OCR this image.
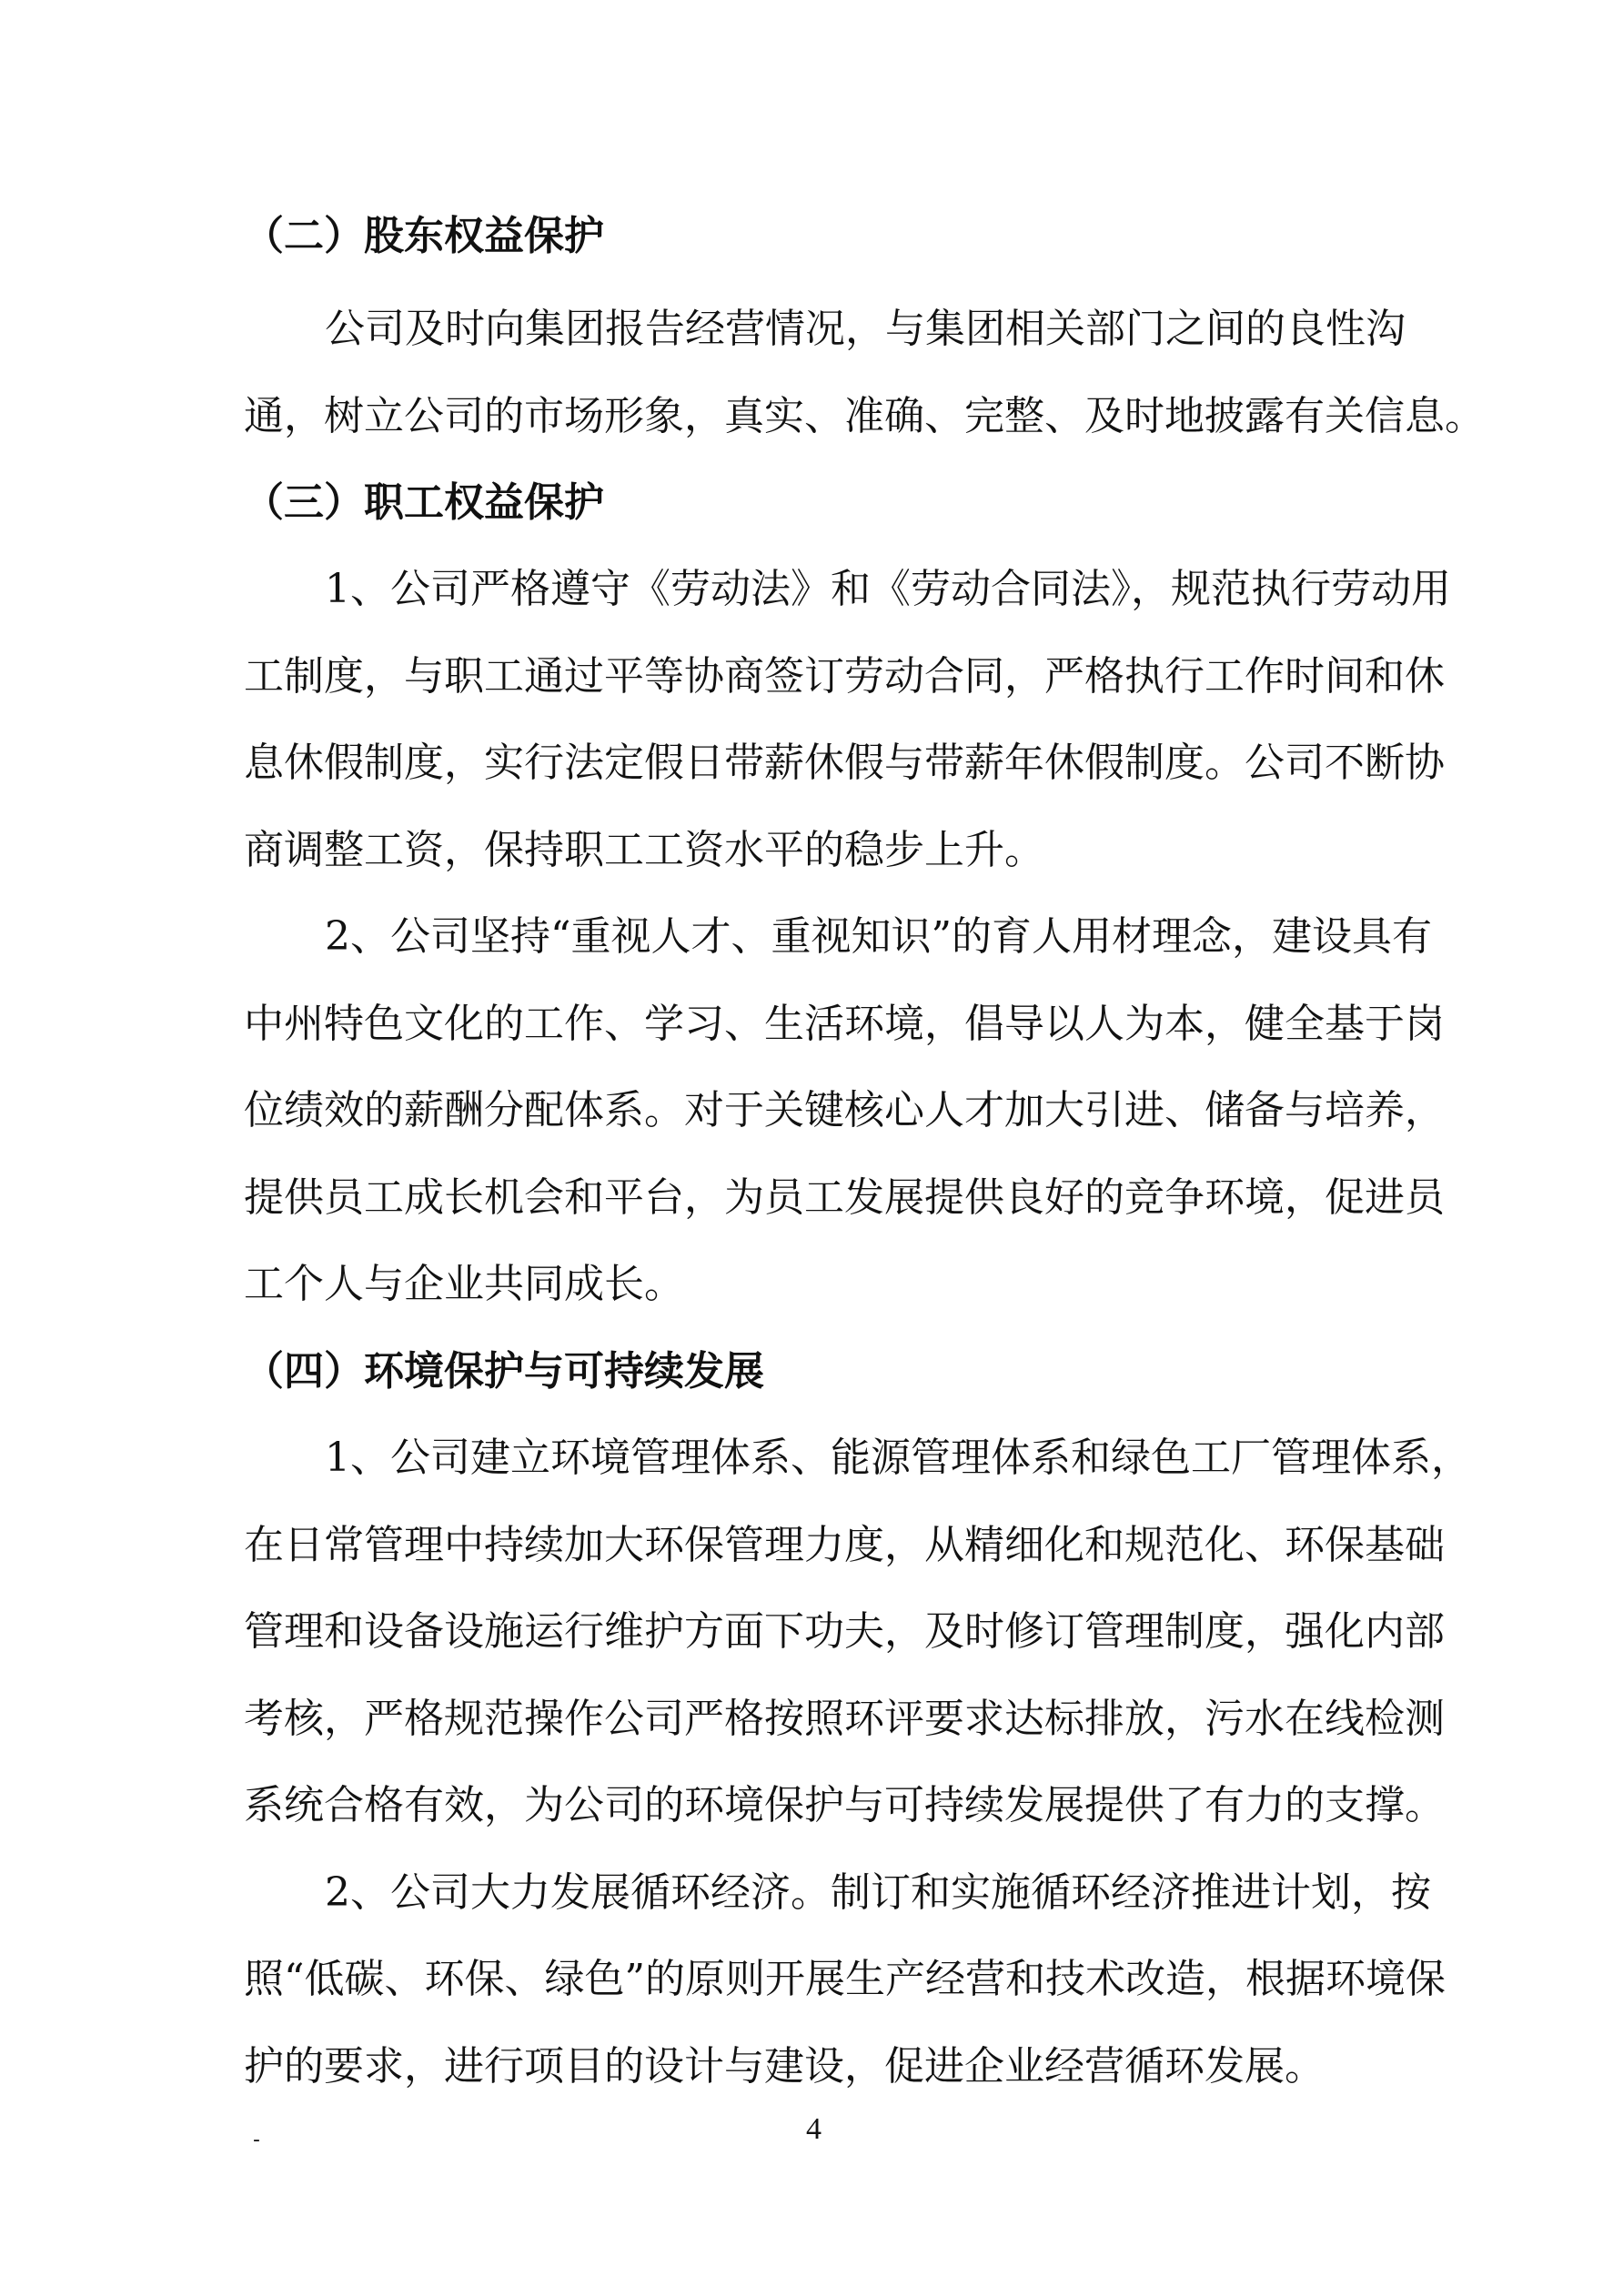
（二）股东权益保护
公司及时向集团报告经营情况，与集团相关部门之间的良性沟
通，树立公司的市场形象，真实、准确、完整、及时地披露有关信息。
（三）职工权益保护
1、公司严格遵守《劳动法》和《劳动合同法》，规范执行劳动用
工制度，与职工通过平等协商签订劳动合同，严格执行工作时间和休
息休假制度，实行法定假日带薪休假与带薪年休假制度。公司不断协
商调整工资，保持职工工资水平的稳步上升。
2、公司坚持“重视人才、重视知识”的育人用材理念，建设具有
中州特色文化的工作、学习、生活环境，倡导以人为本，健全基于岗
位绩效的薪酬分配体系。对于关键核心人才加大引进、储备与培养，
提供员工成长机会和平台，为员工发展提供良好的竞争环境，促进员
工个人与企业共同成长。
（四）环境保护与可持续发展
1、公司建立环境管理体系、能源管理体系和绿色工厂管理体系，
在日常管理中持续加大环保管理力度，从精细化和规范化、环保基础
管理和设备设施运行维护方面下功夫，及时修订管理制度，强化内部
考核，严格规范操作公司严格按照环评要求达标排放，污水在线检测
系统合格有效，为公司的环境保护与可持续发展提供了有力的支撑。
2、公司大力发展循环经济。制订和实施循环经济推进计划，按
照“低碳、环保、绿色”的原则开展生产经营和技术改造，根据环境保
护的要求，进行项目的设计与建设，促进企业经营循环发展。
-	4
